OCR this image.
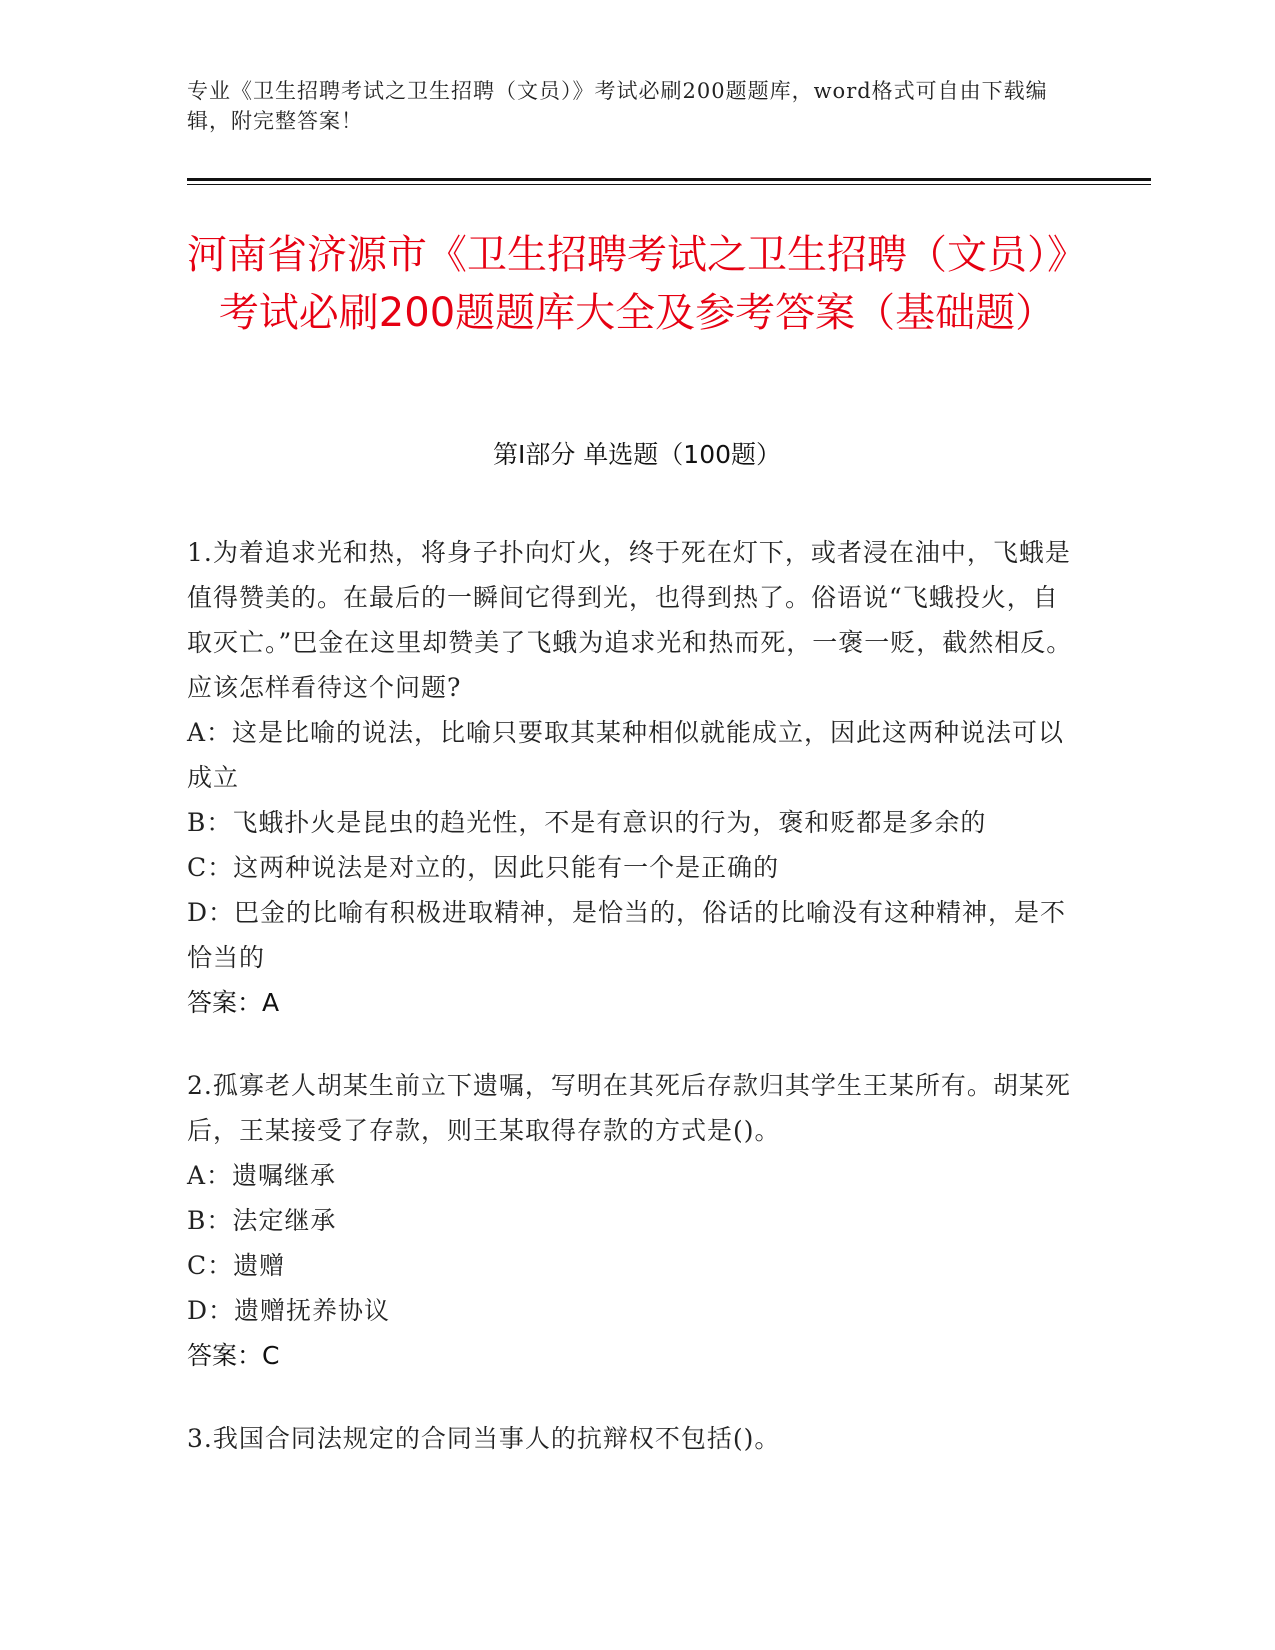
专业《卫生招聘考试之卫生招聘（文员）》考试必刷200题题库，word格式可自由下载编辑，附完整答案！
河南省济源市《卫生招聘考试之卫生招聘（文员）》考试必刷200题题库大全及参考答案（基础题）
第Ⅰ部分 单选题（100题）
1.为着追求光和热，将身子扑向灯火，终于死在灯下，或者浸在油中，飞蛾是值得赞美的。在最后的一瞬间它得到光，也得到热了。俗语说“飞蛾投火，自取灭亡。”巴金在这里却赞美了飞蛾为追求光和热而死，一褒一贬，截然相反。应该怎样看待这个问题?
A：这是比喻的说法，比喻只要取其某种相似就能成立，因此这两种说法可以成立
B：飞蛾扑火是昆虫的趋光性，不是有意识的行为，褒和贬都是多余的
C：这两种说法是对立的，因此只能有一个是正确的
D：巴金的比喻有积极进取精神，是恰当的，俗话的比喻没有这种精神，是不恰当的
答案：A
2.孤寡老人胡某生前立下遗嘱，写明在其死后存款归其学生王某所有。胡某死后，王某接受了存款，则王某取得存款的方式是()。
A：遗嘱继承
B：法定继承
C：遗赠
D：遗赠抚养协议
答案：C
3.我国合同法规定的合同当事人的抗辩权不包括()。
